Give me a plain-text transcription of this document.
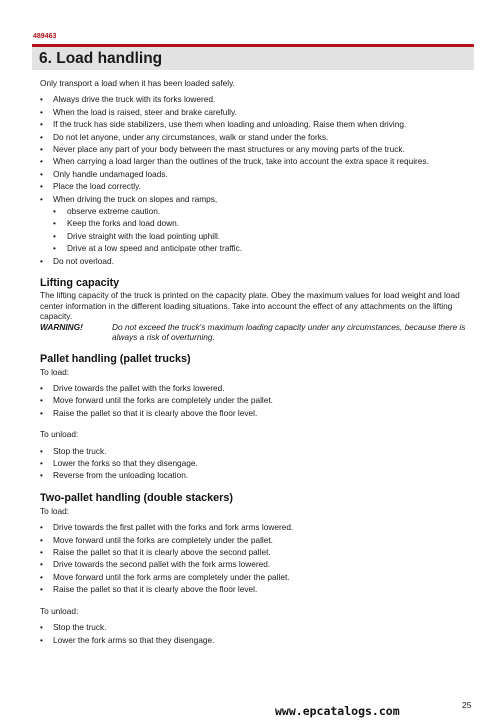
489463
6. Load handling

Only transport a load when it has been loaded safely.

• Always drive the truck with its forks lowered.
• When the load is raised, steer and brake carefully.
• If the truck has side stabilizers, use them when loading and unloading. Raise them when driving.
• Do not let anyone, under any circumstances, walk or stand under the forks.
• Never place any part of your body between the mast structures or any moving parts of the truck.
• When carrying a load larger than the outlines of the truck, take into account the extra space it requires.
• Only handle undamaged loads.
• Place the load correctly.
• When driving the truck on slopes and ramps,
• observe extreme caution.
• Keep the forks and load down.
• Drive straight with the load pointing uphill.
• Drive at a low speed and anticipate other traffic.
• Do not overload.
Lifting capacity

The lifting capacity of the truck is printed on the capacity plate. Obey the maximum values for load weight and load center information in the different loading situations. Take into account the effect of any attachments on the lifting capacity.

WARNING!	Do not exceed the truck's maximum loading capacity under any circumstances, because there is always a risk of overturning.
Pallet handling (pallet trucks)

To load:

• Drive towards the pallet with the forks lowered.
• Move forward until the forks are completely under the pallet.
• Raise the pallet so that it is clearly above the floor level.

To unload:

• Stop the truck.
• Lower the forks so that they disengage.
• Reverse from the unloading location.
Two-pallet handling (double stackers)

To load:

• Drive towards the first pallet with the forks and fork arms lowered.
• Move forward until the forks are completely under the pallet.
• Raise the pallet so that it is clearly above the second pallet.
• Drive towards the second pallet with the fork arms lowered.
• Move forward until the fork arms are completely under the pallet.
• Raise the pallet so that it is clearly above the floor level.

To unload:

• Stop the truck.
• Lower the fork arms so that they disengage.
www.epcatalogs.com	25
